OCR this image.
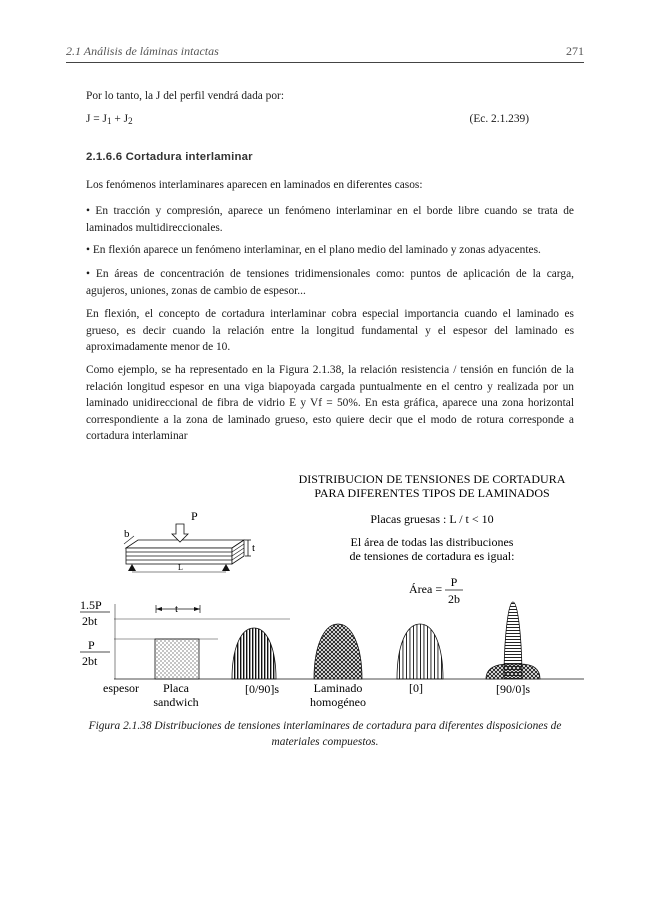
2.1 Análisis de láminas intactas	271

Por lo tanto, la J del perfil vendrá dada por:

$J = J_1 + J_2$	(Ec. 2.1.239)
2.1.6.6 Cortadura interlaminar

Los fenómenos interlaminares aparecen en laminados en diferentes casos:

• En tracción y compresión, aparece un fenómeno interlaminar en el borde libre cuando se trata de laminados multidireccionales.

• En flexión aparece un fenómeno interlaminar, en el plano medio del laminado y zonas adyacentes.

• En áreas de concentración de tensiones tridimensionales como: puntos de aplicación de la carga, agujeros, uniones, zonas de cambio de espesor...

En flexión, el concepto de cortadura interlaminar cobra especial importancia cuando el laminado es grueso, es decir cuando la relación entre la longitud fundamental y el espesor del laminado es aproximadamente menor de 10.

Como ejemplo, se ha representado en la Figura 2.1.38, la relación resistencia / tensión en función de la relación longitud espesor en una viga biapoyada cargada puntualmente en el centro y realizada por un laminado unidireccional de fibra de vidrio E y Vf = 50%. En esta gráfica, aparece una zona horizontal correspondiente a la zona de laminado grueso, esto quiere decir que el modo de rotura corresponde a cortadura interlaminar

DISTRIBUCION DE TENSIONES DE CORTADURA
PARA DIFERENTES TIPOS DE LAMINADOS
Placas gruesas : L / t < 10
El área de todas las distribuciones
de tensiones de cortadura es igual:
Área = P
2b
P
b
t
L
1.5P
2bt
P
2bt
t
espesor Placa
sandwich
[0/90]s	Laminado
homogéneo
[0]	[90/0]s
Figura 2.1.38 Distribuciones de tensiones interlaminares de cortadura para diferentes disposiciones de materiales compuestos.
